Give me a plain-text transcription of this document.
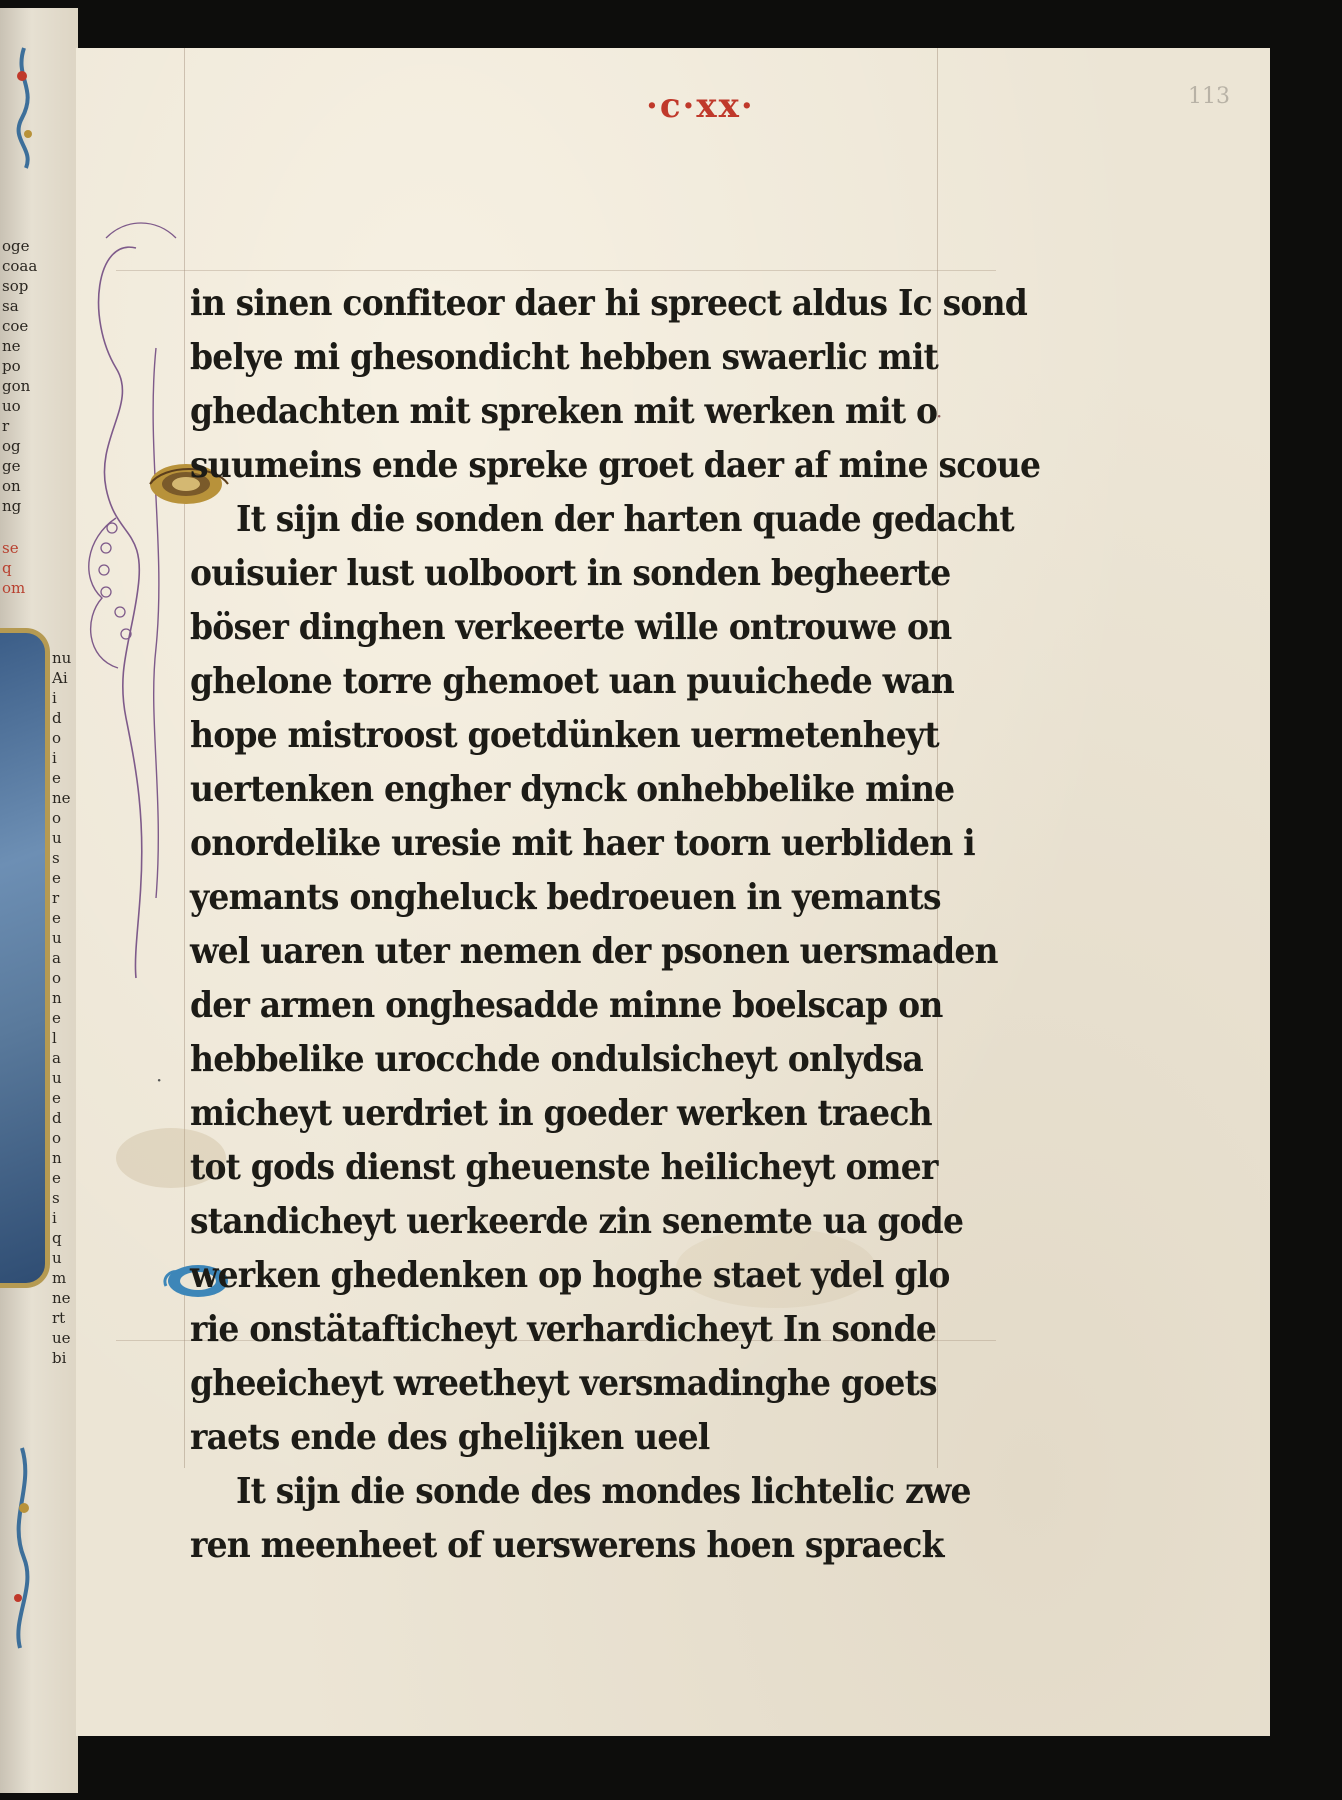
oge
coaa
sop
sa
coe
ne
po
gon
uo
r
og
ge
on
ng
se
q
om
nu
Ai
i
d
o
i
e
ne
o
u
s
e
r
e
u
a
o
n
e
l
a
u
e
d
o
n
e
s
i
q
u
m
ne
rt
ue
bi
·c·xx·	113
in sinen confiteor daer hi spreect aldus Ic sond
belye mi ghesondicht hebben swaerlic mit
ghedachten mit spreken mit werken mit o
suumeins ende spreke groet daer af mine scoue
It sijn die sonden der harten quade gedacht
ouisuier lust uolboort in sonden begheerte
böser dinghen verkeerte wille ontrouwe on
ghelone torre ghemoet uan puuichede wan
hope mistroost goetdünken uermetenheyt
uertenken engher dynck onhebbelike mine
onordelike uresie mit haer toorn uerbliden i
yemants ongheluck bedroeuen in yemants
wel uaren uter nemen der psonen uersmaden
der armen onghesadde minne boelscap on
hebbelike urocchde ondulsicheyt onlydsa
micheyt uerdriet in goeder werken traech
tot gods dienst gheuenste heilicheyt omer
standicheyt uerkeerde zin senemte ua gode
werken ghedenken op hoghe staet ydel glo
rie onstätafticheyt verhardicheyt In sonde
gheeicheyt wreetheyt versmadinghe goets
raets ende des ghelijken ueel
It sijn die sonde des mondes lichtelic zwe
ren meenheet of uerswerens hoen spraeck
·
·
